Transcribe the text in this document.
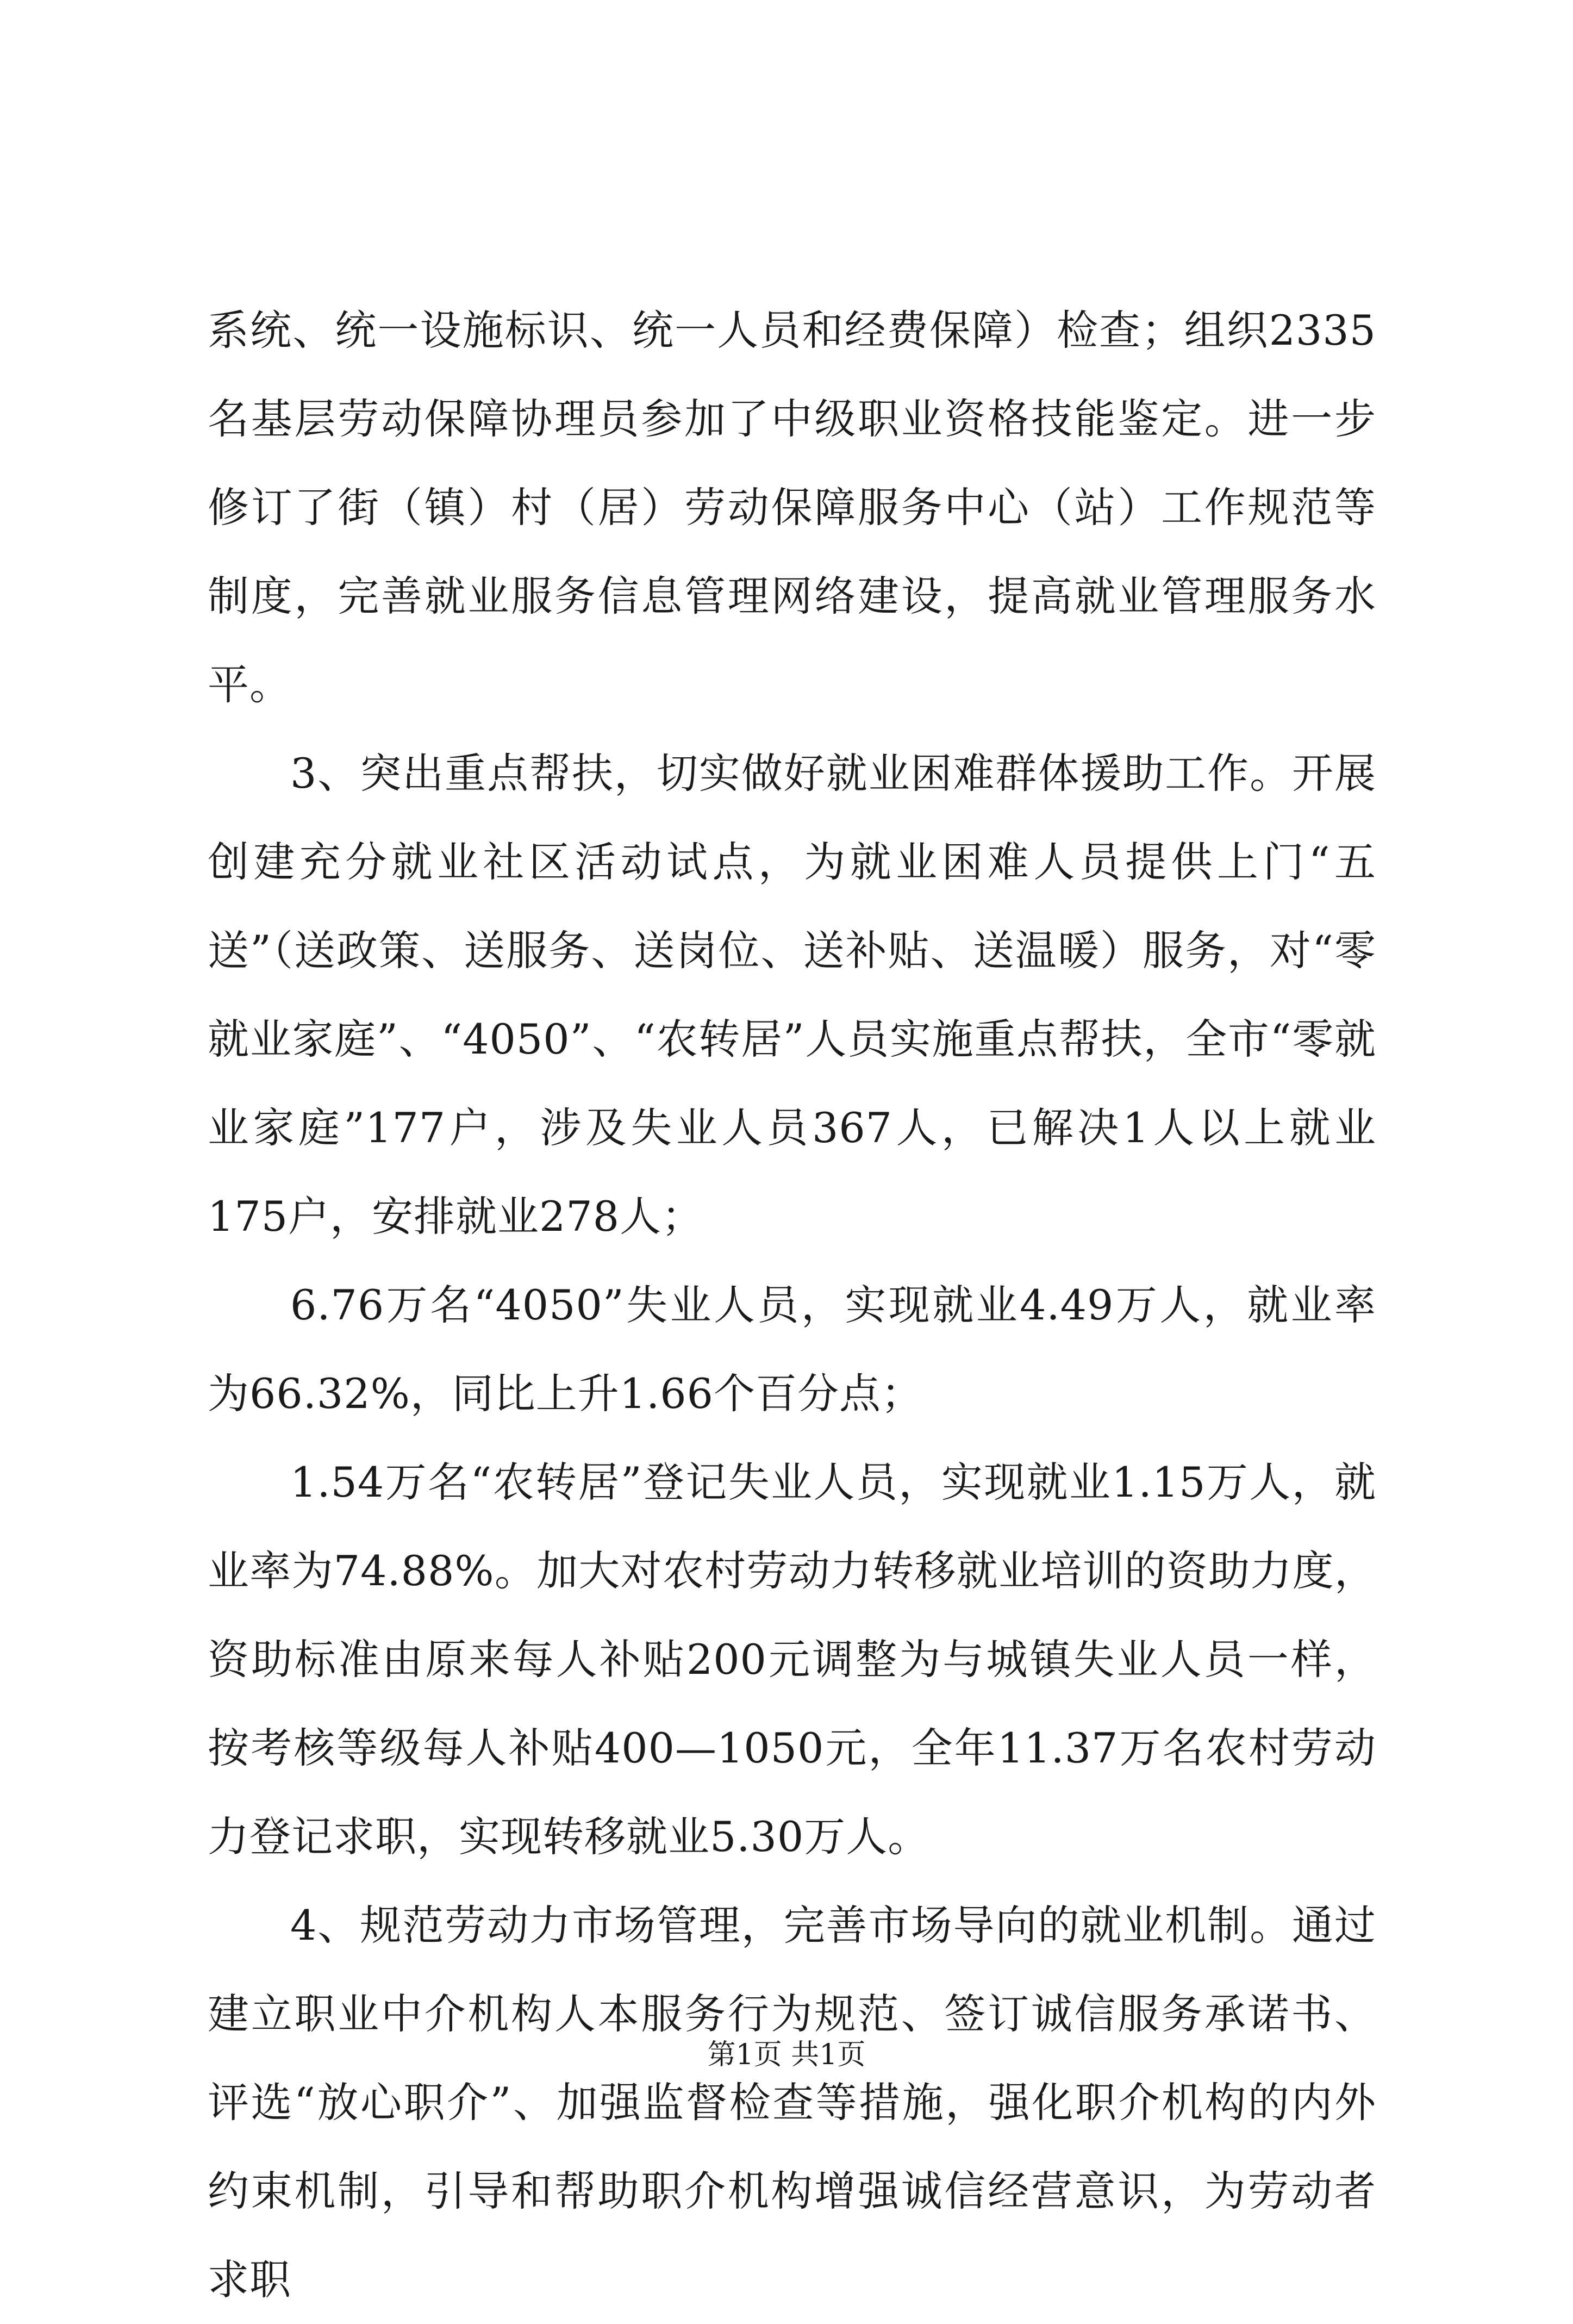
系统、统一设施标识、统一人员和经费保障）检查；组织2335名基层劳动保障协理员参加了中级职业资格技能鉴定。进一步修订了街（镇）村（居）劳动保障服务中心（站）工作规范等制度，完善就业服务信息管理网络建设，提高就业管理服务水平。

3、突出重点帮扶，切实做好就业困难群体援助工作。开展创建充分就业社区活动试点，为就业困难人员提供上门“五送”（送政策、送服务、送岗位、送补贴、送温暖）服务，对“零就业家庭”、“4050”、“农转居”人员实施重点帮扶，全市“零就业家庭”177户，涉及失业人员367人，已解决1人以上就业175户，安排就业278人；

6.76万名“4050”失业人员，实现就业4.49万人，就业率为66.32%，同比上升1.66个百分点；

1.54万名“农转居”登记失业人员，实现就业1.15万人，就业率为74.88%。加大对农村劳动力转移就业培训的资助力度，资助标准由原来每人补贴200元调整为与城镇失业人员一样，按考核等级每人补贴400—1050元，全年11.37万名农村劳动力登记求职，实现转移就业5.30万人。

4、规范劳动力市场管理，完善市场导向的就业机制。通过建立职业中介机构人本服务行为规范、签订诚信服务承诺书、评选“放心职介”、加强监督检查等措施，强化职介机构的内外约束机制，引导和帮助职介机构增强诚信经营意识，为劳动者求职

第1页 共1页
